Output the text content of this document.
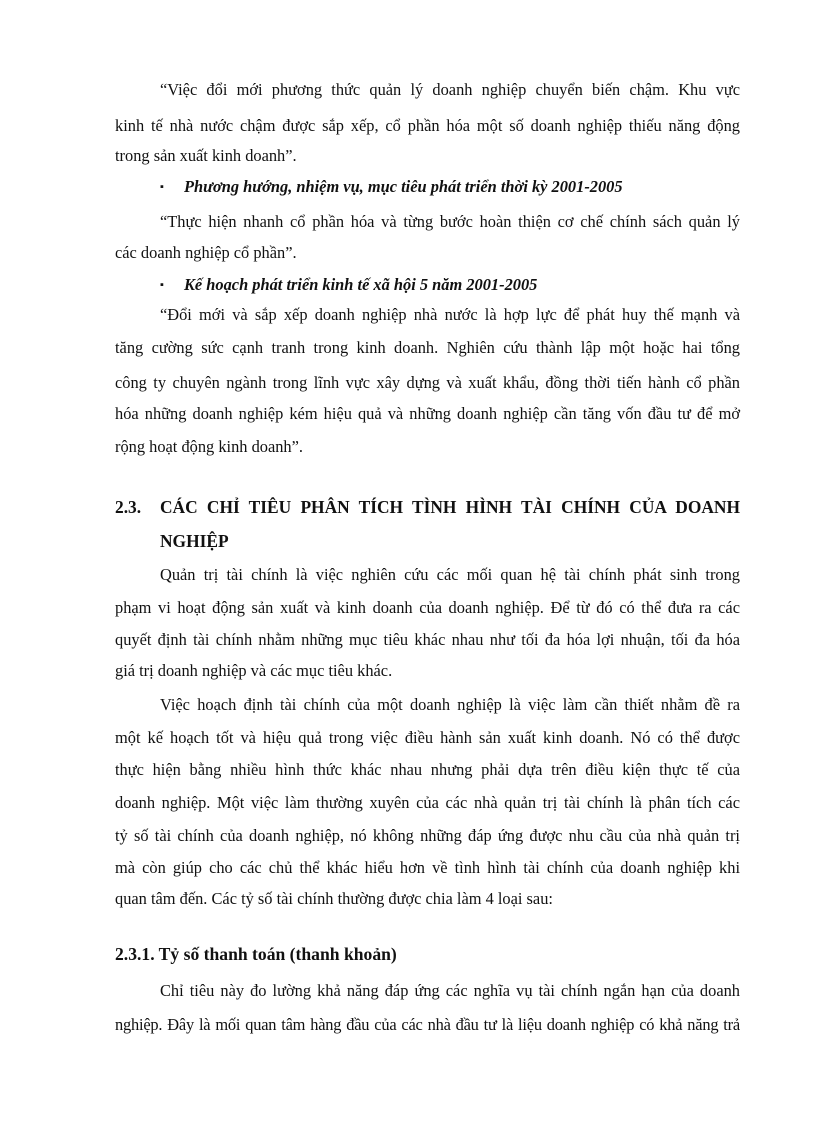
“Việc đổi mới phương thức quản lý doanh nghiệp chuyển biến chậm. Khu vực
kinh tế nhà nước chậm được sắp xếp, cổ phần hóa một số doanh nghiệp thiếu năng động
trong sản xuất kinh doanh”.
▪ Phương hướng, nhiệm vụ, mục tiêu phát triển thời kỳ 2001-2005
“Thực hiện nhanh cổ phần hóa và từng bước hoàn thiện cơ chế chính sách quản lý
các doanh nghiệp cổ phần”.
▪ Kế hoạch phát triển kinh tế xã hội 5 năm 2001-2005
“Đổi mới và sắp xếp doanh nghiệp nhà nước là hợp lực để phát huy thế mạnh và
tăng cường sức cạnh tranh trong kinh doanh. Nghiên cứu thành lập một hoặc hai tổng
công ty chuyên ngành trong lĩnh vực xây dựng và xuất khẩu, đồng thời tiến hành cổ phần
hóa những doanh nghiệp kém hiệu quả và những doanh nghiệp cần tăng vốn đầu tư để mở
rộng hoạt động kinh doanh”.
2.3. CÁC CHỈ TIÊU PHÂN TÍCH TÌNH HÌNH TÀI CHÍNH CỦA DOANH
NGHIỆP
Quản trị tài chính là việc nghiên cứu các mối quan hệ tài chính phát sinh trong
phạm vi hoạt động sản xuất và kinh doanh của doanh nghiệp. Để từ đó có thể đưa ra các
quyết định tài chính nhằm những mục tiêu khác nhau như tối đa hóa lợi nhuận, tối đa hóa
giá trị doanh nghiệp và các mục tiêu khác.
Việc hoạch định tài chính của một doanh nghiệp là việc làm cần thiết nhằm đề ra
một kế hoạch tốt và hiệu quả trong việc điều hành sản xuất kinh doanh. Nó có thể được
thực hiện bằng nhiều hình thức khác nhau nhưng phải dựa trên điều kiện thực tế của
doanh nghiệp. Một việc làm thường xuyên của các nhà quản trị tài chính là phân tích các
tỷ số tài chính của doanh nghiệp, nó không những đáp ứng được nhu cầu của nhà quản trị
mà còn giúp cho các chủ thể khác hiểu hơn về tình hình tài chính của doanh nghiệp khi
quan tâm đến. Các tỷ số tài chính thường được chia làm 4 loại sau:
2.3.1. Tỷ số thanh toán (thanh khoản)
Chỉ tiêu này đo lường khả năng đáp ứng các nghĩa vụ tài chính ngắn hạn của doanh
nghiệp. Đây là mối quan tâm hàng đầu của các nhà đầu tư là liệu doanh nghiệp có khả năng trả
